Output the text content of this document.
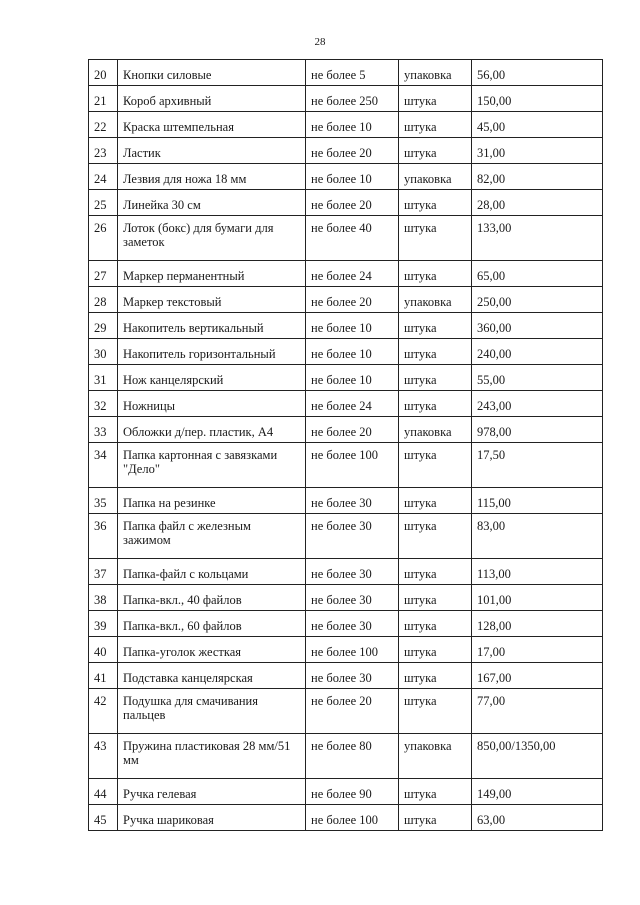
28
20	Кнопки силовые	не более 5	упаковка	56,00
21	Короб архивный	не более 250	штука	150,00
22	Краска штемпельная	не более 10	штука	45,00
23	Ластик	не более 20	штука	31,00
24	Лезвия для ножа 18 мм	не более 10	упаковка	82,00
25	Линейка 30 см	не более 20	штука	28,00
26	Лоток (бокс) для бумаги для заметок	не более 40	штука	133,00
27	Маркер перманентный	не более 24	штука	65,00
28	Маркер текстовый	не более 20	упаковка	250,00
29	Накопитель вертикальный	не более 10	штука	360,00
30	Накопитель горизонтальный	не более 10	штука	240,00
31	Нож канцелярский	не более 10	штука	55,00
32	Ножницы	не более 24	штука	243,00
33	Обложки д/пер. пластик, А4	не более 20	упаковка	978,00
34	Папка картонная с завязками "Дело"	не более 100	штука	17,50
35	Папка на резинке	не более 30	штука	115,00
36	Папка файл с железным зажимом	не более 30	штука	83,00
37	Папка-файл с кольцами	не более 30	штука	113,00
38	Папка-вкл., 40 файлов	не более 30	штука	101,00
39	Папка-вкл., 60 файлов	не более 30	штука	128,00
40	Папка-уголок жесткая	не более 100	штука	17,00
41	Подставка канцелярская	не более 30	штука	167,00
42	Подушка для смачивания пальцев	не более 20	штука	77,00
43	Пружина пластиковая 28 мм/51 мм	не более 80	упаковка	850,00/1350,00
44	Ручка гелевая	не более 90	штука	149,00
45	Ручка шариковая	не более 100	штука	63,00
